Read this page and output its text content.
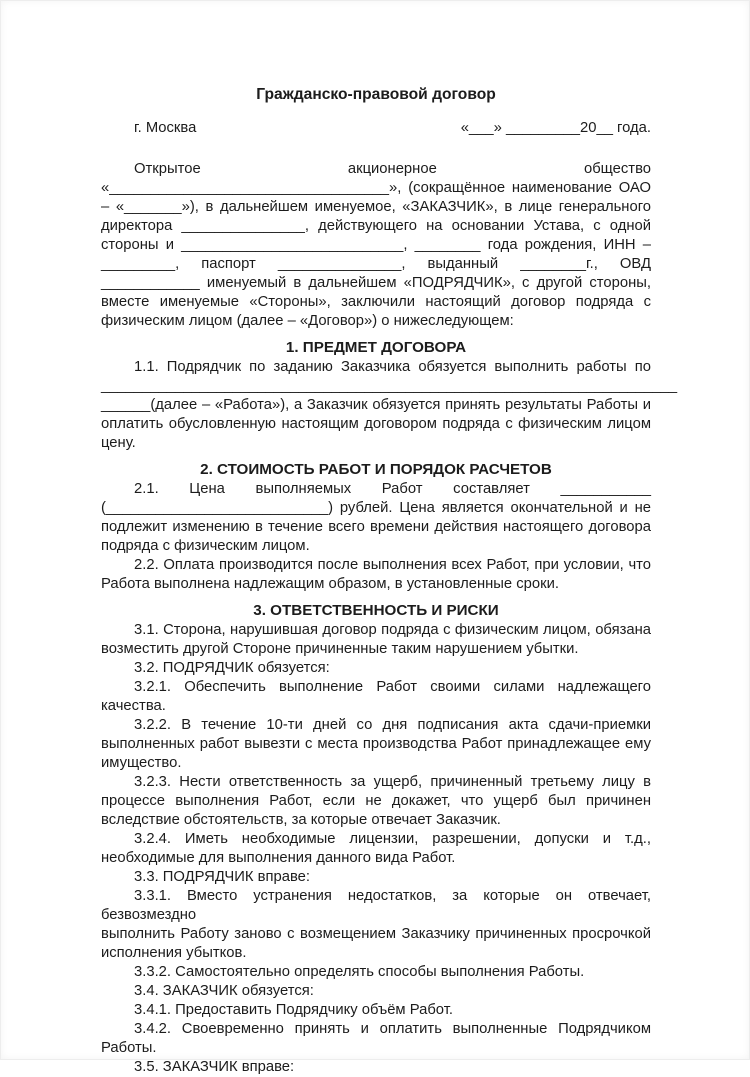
Гражданско-правовой договор
г. Москва	«___» _________20__ года.
Открытое акционерное общество
«__________________________________», (сокращённое наименование ОАО
– «_______»), в дальнейшем именуемое, «ЗАКАЗЧИК», в лице генерального
директора _______________, действующего на основании Устава, с одной
стороны и ___________________________, ________ года рождения, ИНН –
_________, паспорт _______________, выданный ________г., ОВД
____________ именуемый в дальнейшем «ПОДРЯДЧИК», с другой стороны,
вместе именуемые «Стороны», заключили настоящий договор подряда с
физическим лицом (далее – «Договор») о нижеследующем:
1. ПРЕДМЕТ ДОГОВОРА
1.1. Подрядчик по заданию Заказчика обязуется выполнить работы по
______________________________________________________________________
______(далее – «Работа»), а Заказчик обязуется принять результаты Работы и
оплатить обусловленную настоящим договором подряда с физическим лицом
цену.
2. СТОИМОСТЬ РАБОТ И ПОРЯДОК РАСЧЕТОВ
2.1. Цена выполняемых Работ составляет ___________
(___________________________) рублей. Цена является окончательной и не
подлежит изменению в течение всего времени действия настоящего договора
подряда с физическим лицом.
2.2. Оплата производится после выполнения всех Работ, при условии, что
Работа выполнена надлежащим образом, в установленные сроки.
3. ОТВЕТСТВЕННОСТЬ И РИСКИ
3.1. Сторона, нарушившая договор подряда с физическим лицом, обязана
возместить другой Стороне причиненные таким нарушением убытки.
3.2. ПОДРЯДЧИК обязуется:
3.2.1. Обеспечить выполнение Работ своими силами надлежащего качества.
3.2.2. В течение 10-ти дней со дня подписания акта сдачи-приемки
выполненных работ вывезти с места производства Работ принадлежащее ему
имущество.
3.2.3. Нести ответственность за ущерб, причиненный третьему лицу в
процессе выполнения Работ, если не докажет, что ущерб был причинен
вследствие обстоятельств, за которые отвечает Заказчик.
3.2.4. Иметь необходимые лицензии, разрешении, допуски и т.д.,
необходимые для выполнения данного вида Работ.
3.3. ПОДРЯДЧИК вправе:
3.3.1. Вместо устранения недостатков, за которые он отвечает, безвозмездно
выполнить Работу заново с возмещением Заказчику причиненных просрочкой
исполнения убытков.
3.3.2. Самостоятельно определять способы выполнения Работы.
3.4. ЗАКАЗЧИК обязуется:
3.4.1. Предоставить Подрядчику объём Работ.
3.4.2. Своевременно принять и оплатить выполненные Подрядчиком Работы.
3.5. ЗАКАЗЧИК вправе:
